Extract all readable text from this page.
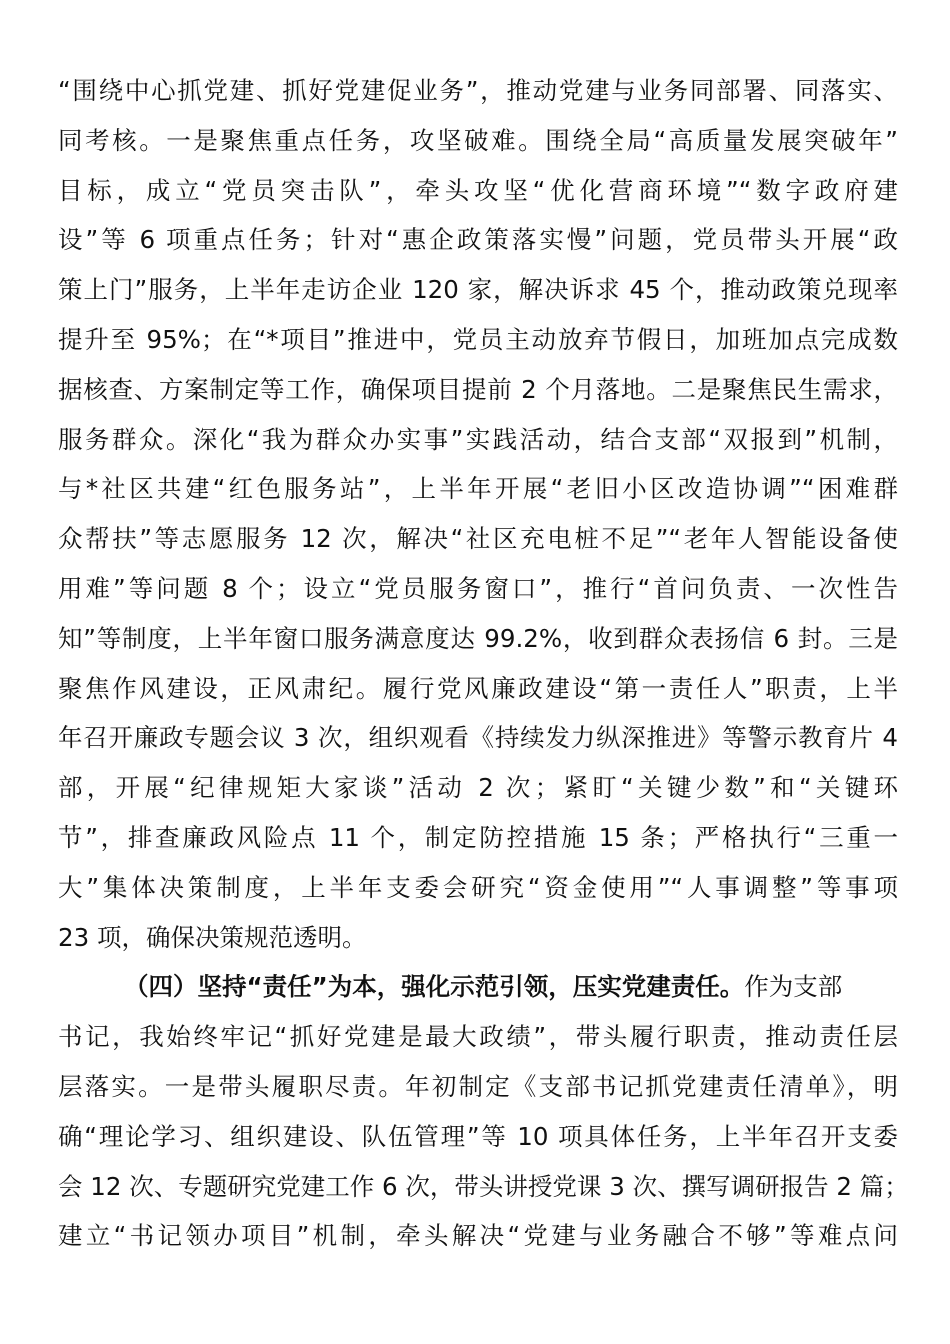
“围绕中心抓党建、抓好党建促业务”，推动党建与业务同部署、同落实、
同考核。一是聚焦重点任务，攻坚破难。围绕全局“高质量发展突破年”
目标，成立“党员突击队”，牵头攻坚“优化营商环境”“数字政府建
设”等 6 项重点任务；针对“惠企政策落实慢”问题，党员带头开展“政
策上门”服务，上半年走访企业 120 家，解决诉求 45 个，推动政策兑现率
提升至 95%；在“*项目”推进中，党员主动放弃节假日，加班加点完成数
据核查、方案制定等工作，确保项目提前 2 个月落地。二是聚焦民生需求，
服务群众。深化“我为群众办实事”实践活动，结合支部“双报到”机制，
与*社区共建“红色服务站”，上半年开展“老旧小区改造协调”“困难群
众帮扶”等志愿服务 12 次，解决“社区充电桩不足”“老年人智能设备使
用难”等问题 8 个；设立“党员服务窗口”，推行“首问负责、一次性告
知”等制度，上半年窗口服务满意度达 99.2%，收到群众表扬信 6 封。三是
聚焦作风建设，正风肃纪。履行党风廉政建设“第一责任人”职责，上半
年召开廉政专题会议 3 次，组织观看《持续发力纵深推进》等警示教育片 4
部，开展“纪律规矩大家谈”活动 2 次；紧盯“关键少数”和“关键环
节”，排查廉政风险点 11 个，制定防控措施 15 条；严格执行“三重一
大”集体决策制度，上半年支委会研究“资金使用”“人事调整”等事项
23 项，确保决策规范透明。
（四）坚持“责任”为本，强化示范引领，压实党建责任。作为支部
书记，我始终牢记“抓好党建是最大政绩”，带头履行职责，推动责任层
层落实。一是带头履职尽责。年初制定《支部书记抓党建责任清单》，明
确“理论学习、组织建设、队伍管理”等 10 项具体任务，上半年召开支委
会 12 次、专题研究党建工作 6 次，带头讲授党课 3 次、撰写调研报告 2 篇；
建立“书记领办项目”机制，牵头解决“党建与业务融合不够”等难点问
